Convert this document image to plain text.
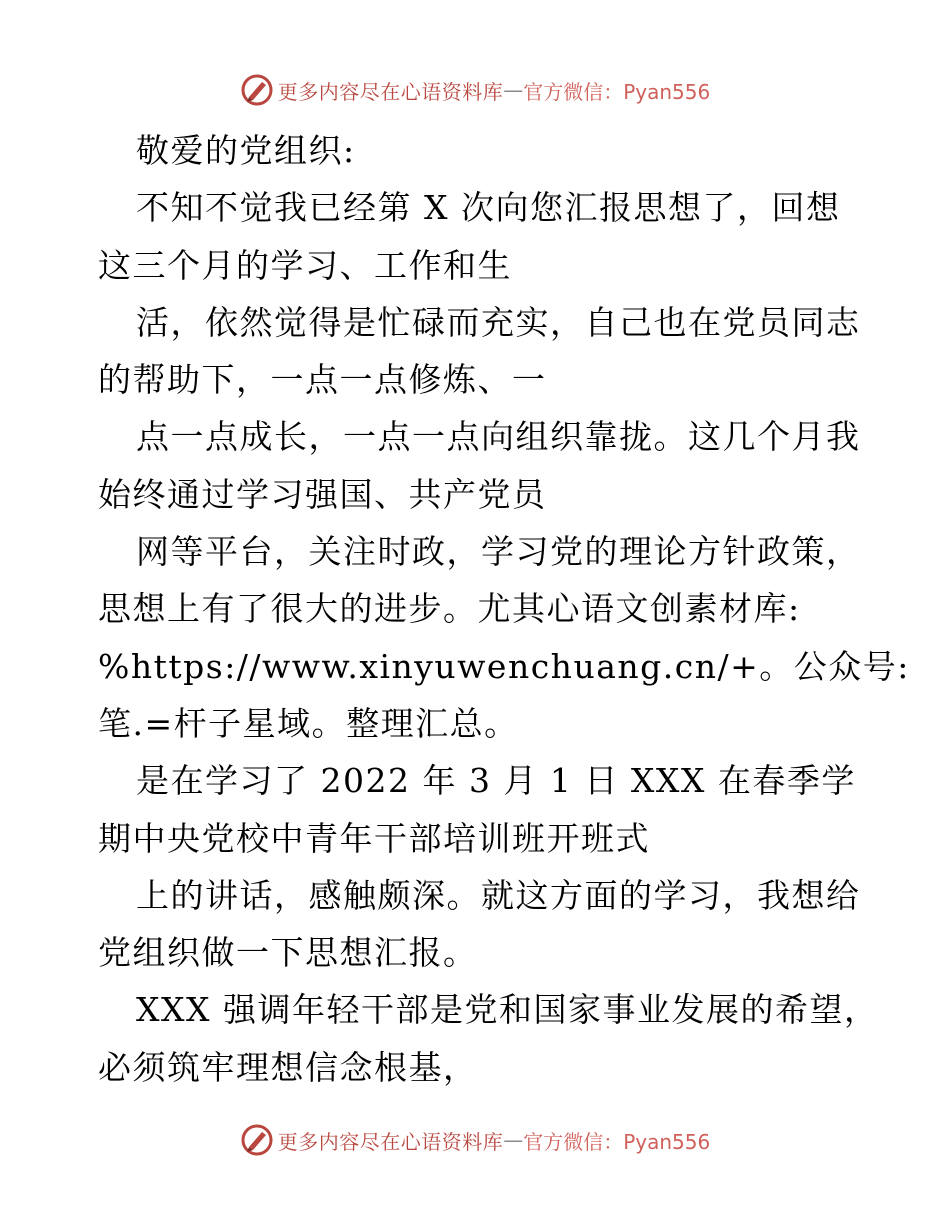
更多内容尽在心语资料库 — 官方微信：Pyan556
敬爱的党组织:
不知不觉我已经第 X 次向您汇报思想了，回想
这三个月的学习、工作和生
活，依然觉得是忙碌而充实，自己也在党员同志
的帮助下，一点一点修炼、一
点一点成长，一点一点向组织靠拢。这几个月我
始终通过学习强国、共产党员
网等平台，关注时政，学习党的理论方针政策，
思想上有了很大的进步。尤其心语文创素材库:
%https://www.xinyuwenchuang.cn/+。公众号:
笔.=杆子星域。整理汇总。
是在学习了 2022 年 3 月 1 日 XXX 在春季学
期中央党校中青年干部培训班开班式
上的讲话，感触颇深。就这方面的学习，我想给
党组织做一下思想汇报。
XXX 强调年轻干部是党和国家事业发展的希望，
必须筑牢理想信念根基，
更多内容尽在心语资料库 — 官方微信：Pyan556
